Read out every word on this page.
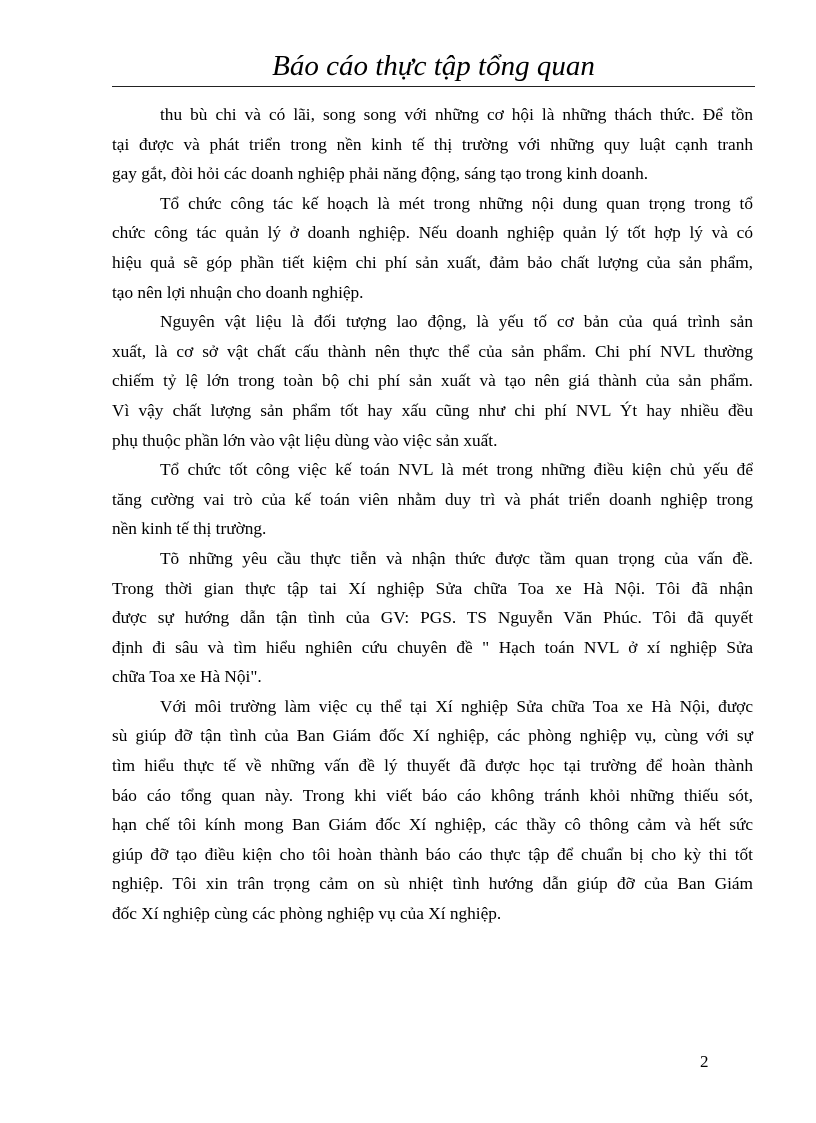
Báo cáo thực tập tổng quan
thu bù chi và có lãi, song song với những cơ hội là những thách thức. Để tồn
tại được và phát triển trong nền kinh tế thị trường với những quy luật cạnh tranh
gay gắt, đòi hỏi các doanh nghiệp phải năng động, sáng tạo trong kinh doanh.
Tổ chức công tác kế hoạch là mét trong những nội dung quan trọng trong tổ
chức công tác quản lý ở doanh nghiệp. Nếu doanh nghiệp quản lý tốt hợp lý và có
hiệu quả sẽ góp phần tiết kiệm chi phí sản xuất, đảm bảo chất lượng của sản phẩm,
tạo nên lợi nhuận cho doanh nghiệp.
Nguyên vật liệu là đối tượng lao động, là yếu tố cơ bản của quá trình sản
xuất, là cơ sở vật chất cấu thành nên thực thể của sản phẩm. Chi phí NVL thường
chiếm tỷ lệ lớn trong toàn bộ chi phí sản xuất và tạo nên giá thành của sản phẩm.
Vì vậy chất lượng sản phẩm tốt hay xấu cũng như chi phí NVL Ýt hay nhiều đều
phụ thuộc phần lớn vào vật liệu dùng vào việc sản xuất.
Tổ chức tốt công việc kế toán NVL là mét trong những điều kiện chủ yếu để
tăng cường vai trò của kế toán viên nhằm duy trì và phát triển doanh nghiệp trong
nền kinh tế thị trường.
Tõ những yêu cầu thực tiễn và nhận thức được tầm quan trọng của vấn đề.
Trong thời gian thực tập tai Xí nghiệp Sửa chữa Toa xe Hà Nội. Tôi đã nhận
được sự hướng dẫn tận tình của GV: PGS. TS Nguyễn Văn Phúc. Tôi đã quyết
định đi sâu và tìm hiểu nghiên cứu chuyên đề " Hạch toán NVL ở xí nghiệp Sửa
chữa Toa xe Hà Nội".
Với môi trường làm việc cụ thể tại Xí nghiệp Sửa chữa Toa xe Hà Nội, được
sù giúp đỡ tận tình của Ban Giám đốc Xí nghiệp, các phòng nghiệp vụ, cùng với sự
tìm hiểu thực tế về những vấn đề lý thuyết đã được học tại trường để hoàn thành
báo cáo tổng quan này. Trong khi viết báo cáo không tránh khỏi những thiếu sót,
hạn chế tôi kính mong Ban Giám đốc Xí nghiệp, các thầy cô thông cảm và hết sức
giúp đỡ tạo điều kiện cho tôi hoàn thành báo cáo thực tập để chuẩn bị cho kỳ thi tốt
nghiệp. Tôi xin trân trọng cảm on sù nhiệt tình hướng dẫn giúp đỡ của Ban Giám
đốc Xí nghiệp cùng các phòng nghiệp vụ của Xí nghiệp.
2
